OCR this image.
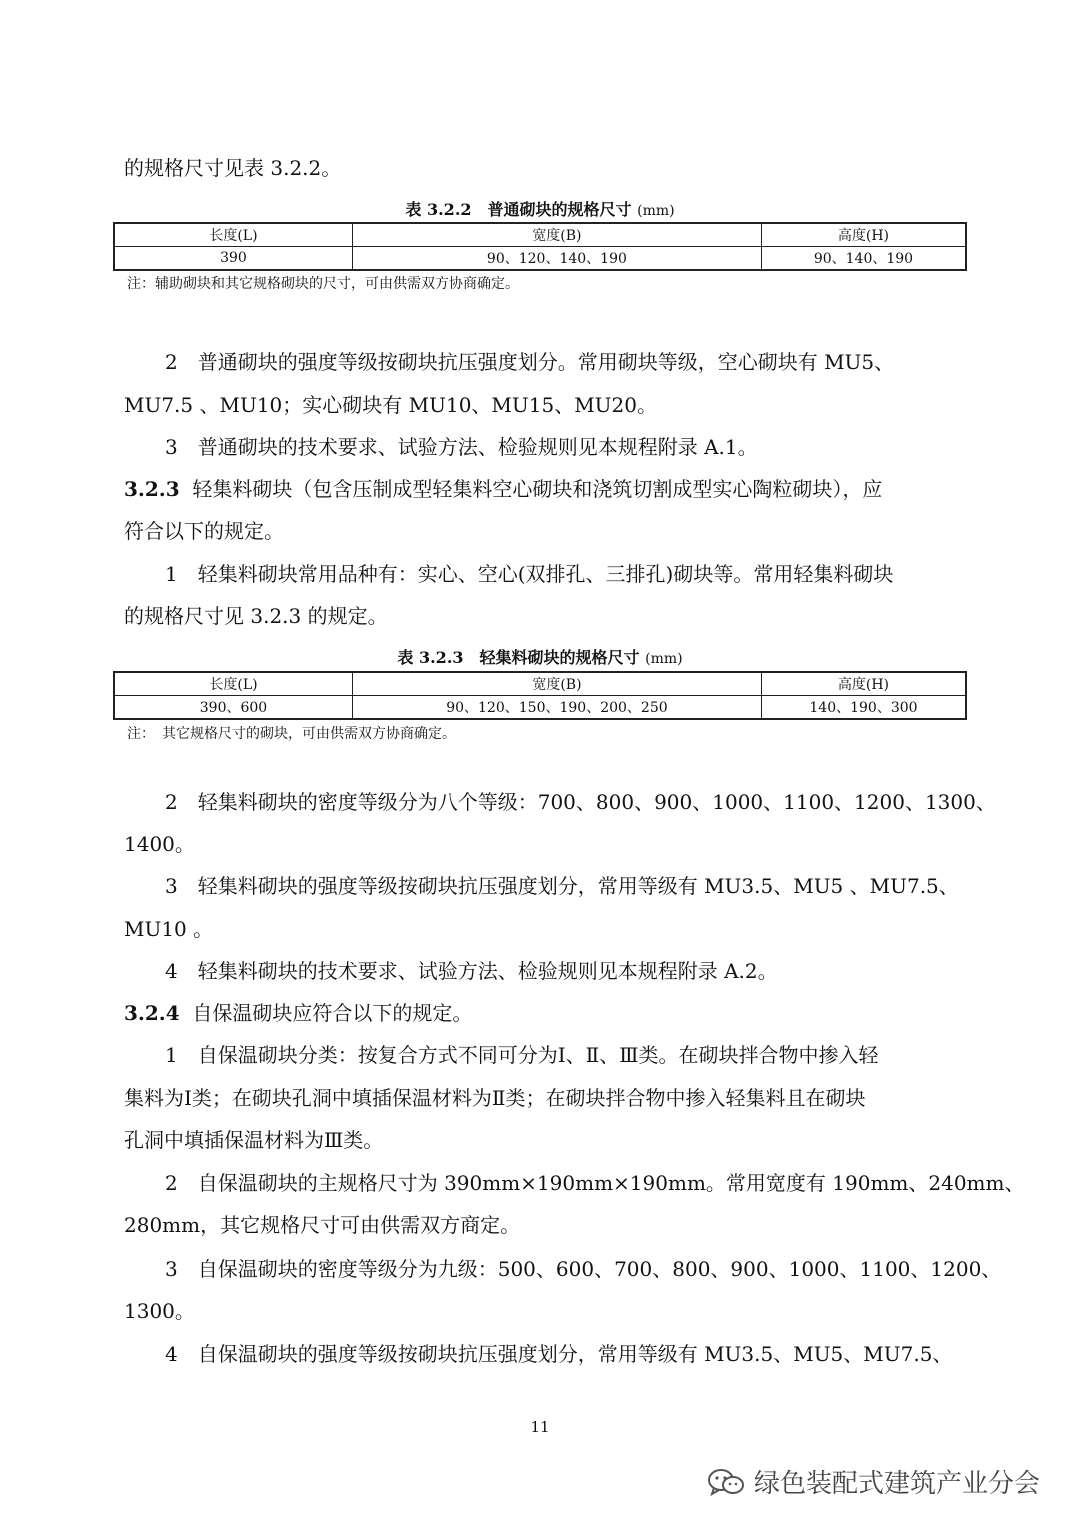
的规格尺寸见表 3.2.2。
表 3.2.2　普通砌块的规格尺寸 (mm)
长度(L)	宽度(B)	高度(H)
390	90、120、140、190	90、140、190
注：辅助砌块和其它规格砌块的尺寸，可由供需双方协商确定。
2　普通砌块的强度等级按砌块抗压强度划分。常用砌块等级，空心砌块有 MU5、
MU7.5 、MU10；实心砌块有 MU10、MU15、MU20。
3　普通砌块的技术要求、试验方法、检验规则见本规程附录 A.1。
3.2.3 轻集料砌块（包含压制成型轻集料空心砌块和浇筑切割成型实心陶粒砌块），应
符合以下的规定。
1　轻集料砌块常用品种有：实心、空心(双排孔、三排孔)砌块等。常用轻集料砌块
的规格尺寸见 3.2.3 的规定。
表 3.2.3　轻集料砌块的规格尺寸 (mm)
长度(L)	宽度(B)	高度(H)
390、600	90、120、150、190、200、250	140、190、300
注：　其它规格尺寸的砌块，可由供需双方协商确定。
2　轻集料砌块的密度等级分为八个等级：700、800、900、1000、1100、1200、1300、
1400。
3　轻集料砌块的强度等级按砌块抗压强度划分，常用等级有 MU3.5、MU5 、MU7.5、
MU10 。
4　轻集料砌块的技术要求、试验方法、检验规则见本规程附录 A.2。
3.2.4 自保温砌块应符合以下的规定。
1　自保温砌块分类：按复合方式不同可分为Ⅰ、Ⅱ、Ⅲ类。在砌块拌合物中掺入轻
集料为Ⅰ类；在砌块孔洞中填插保温材料为Ⅱ类；在砌块拌合物中掺入轻集料且在砌块
孔洞中填插保温材料为Ⅲ类。
2　自保温砌块的主规格尺寸为 390mm×190mm×190mm。常用宽度有 190mm、240mm、
280mm，其它规格尺寸可由供需双方商定。
3　自保温砌块的密度等级分为九级：500、600、700、800、900、1000、1100、1200、
1300。
4　自保温砌块的强度等级按砌块抗压强度划分，常用等级有 MU3.5、MU5、MU7.5、
11
绿色装配式建筑产业分会
